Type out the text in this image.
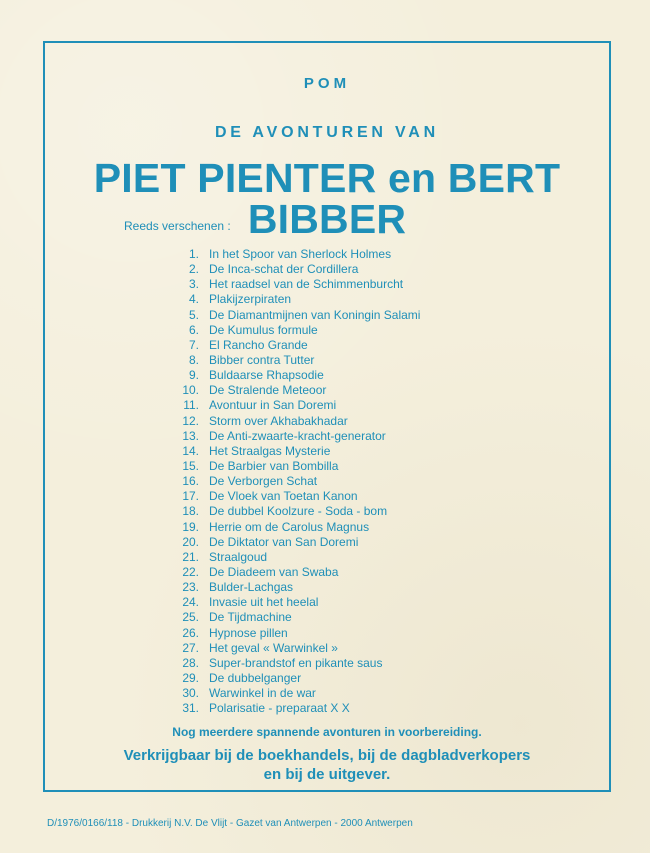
POM
DE AVONTUREN VAN
PIET PIENTER en BERT BIBBER
Reeds verschenen :
1. In het Spoor van Sherlock Holmes
2. De Inca-schat der Cordillera
3. Het raadsel van de Schimmenburcht
4. Plakijzerpiraten
5. De Diamantmijnen van Koningin Salami
6. De Kumulus formule
7. El Rancho Grande
8. Bibber contra Tutter
9. Buldaarse Rhapsodie
10. De Stralende Meteoor
11. Avontuur in San Doremi
12. Storm over Akhabakhadar
13. De Anti-zwaarte-kracht-generator
14. Het Straalgas Mysterie
15. De Barbier van Bombilla
16. De Verborgen Schat
17. De Vloek van Toetan Kanon
18. De dubbel Koolzure - Soda - bom
19. Herrie om de Carolus Magnus
20. De Diktator van San Doremi
21. Straalgoud
22. De Diadeem van Swaba
23. Bulder-Lachgas
24. Invasie uit het heelal
25. De Tijdmachine
26. Hypnose pillen
27. Het geval « Warwinkel »
28. Super-brandstof en pikante saus
29. De dubbelganger
30. Warwinkel in de war
31. Polarisatie - preparaat X X
Nog meerdere spannende avonturen in voorbereiding.
Verkrijgbaar bij de boekhandels, bij de dagbladverkopers
en bij de uitgever.
D/1976/0166/118 - Drukkerij N.V. De Vlijt - Gazet van Antwerpen - 2000 Antwerpen
